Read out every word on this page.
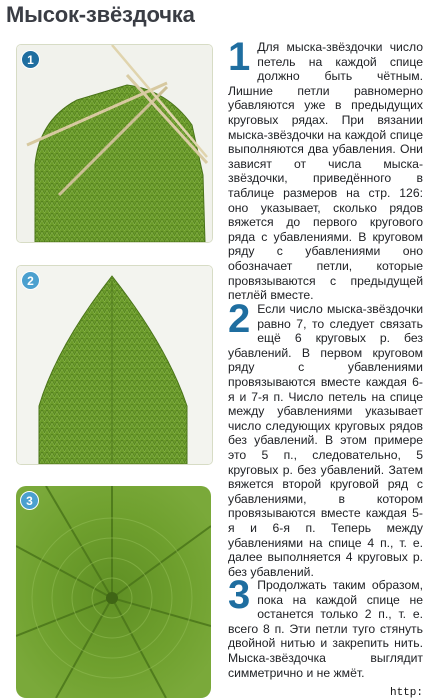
Мысок-звёздочка
1
2
3
1 Для мыска-звёздочки число петель на каждой спице должно быть чётным. Лишние петли равномерно убавляются уже в предыдущих круговых рядах. При вязании мыска-звёздочки на каждой спице выполняются два убавления. Они зависят от числа мыска-звёздочки, приведённого в таблице размеров на стр. 126: оно указывает, сколько рядов вяжется до первого кругового ряда с убавлениями. В круговом ряду с убавлениями оно обозначает петли, которые провязываются с предыдущей петлёй вместе.
2 Если число мыска-звёздочки равно 7, то следует связать ещё 6 круговых р. без убавлений. В первом круговом ряду с убавлениями провязываются вместе каждая 6-я и 7-я п. Число петель на спице между убавлениями указывает число следующих круговых рядов без убавлений. В этом примере это 5 п., следовательно, 5 круговых р. без убавлений. Затем вяжется второй круговой ряд с убавлениями, в котором провязываются вместе каждая 5-я и 6-я п. Теперь между убавлениями на спице 4 п., т. е. далее выполняется 4 круговых р. без убавлений.
3 Продолжать таким образом, пока на каждой спице не останется только 2 п., т. е. всего 8 п. Эти петли туго стянуть двойной нитью и закрепить нить. Мыска-звёздочка выглядит симметрично и не жмёт.
http:
